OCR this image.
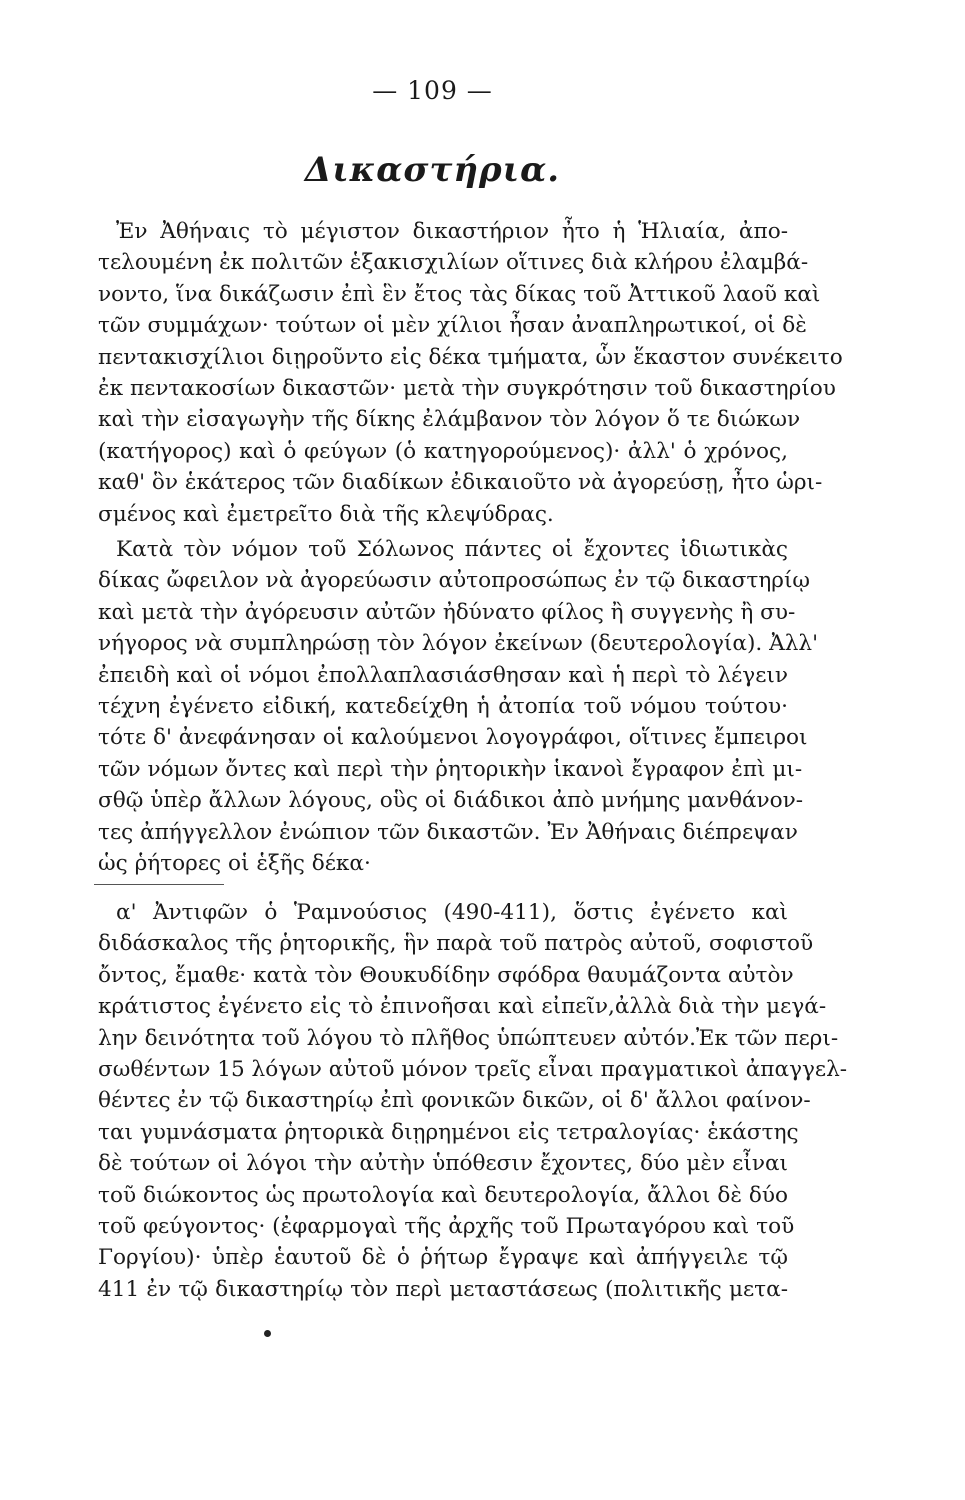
— 109 —
Δικαστήρια.
Ἐν Ἀθήναις τὸ μέγιστον δικαστήριον ἦτο ἡ Ἡλιαία, ἀπο-
τελουμένη ἐκ πολιτῶν ἑξακισχιλίων οἵτινες διὰ κλήρου ἐλαμβά-
νοντο, ἵνα δικάζωσιν ἐπὶ ἓν ἔτος τὰς δίκας τοῦ Ἀττικοῦ λαοῦ καὶ
τῶν συμμάχων· τούτων οἱ μὲν χίλιοι ἦσαν ἀναπληρωτικοί, οἱ δὲ
πεντακισχίλιοι διῃροῦντο εἰς δέκα τμήματα, ὧν ἕκαστον συνέκειτο
ἐκ πεντακοσίων δικαστῶν· μετὰ τὴν συγκρότησιν τοῦ δικαστηρίου
καὶ τὴν εἰσαγωγὴν τῆς δίκης ἐλάμβανον τὸν λόγον ὅ τε διώκων
(κατήγορος) καὶ ὁ φεύγων (ὁ κατηγορούμενος)· ἀλλ' ὁ χρόνος,
καθ' ὃν ἑκάτερος τῶν διαδίκων ἐδικαιοῦτο νὰ ἀγορεύσῃ, ἦτο ὡρι-
σμένος καὶ ἐμετρεῖτο διὰ τῆς κλεψύδρας.
Κατὰ τὸν νόμον τοῦ Σόλωνος πάντες οἱ ἔχοντες ἰδιωτικὰς
δίκας ὤφειλον νὰ ἀγορεύωσιν αὐτοπροσώπως ἐν τῷ δικαστηρίῳ
καὶ μετὰ τὴν ἀγόρευσιν αὐτῶν ἠδύνατο φίλος ἢ συγγενὴς ἢ συ-
νήγορος νὰ συμπληρώσῃ τὸν λόγον ἐκείνων (δευτερολογία). Ἀλλ'
ἐπειδὴ καὶ οἱ νόμοι ἐπολλαπλασιάσθησαν καὶ ἡ περὶ τὸ λέγειν
τέχνη ἐγένετο εἰδική, κατεδείχθη ἡ ἀτοπία τοῦ νόμου τούτου·
τότε δ' ἀνεφάνησαν οἱ καλούμενοι λογογράφοι, οἵτινες ἔμπειροι
τῶν νόμων ὄντες καὶ περὶ τὴν ῥητορικὴν ἱκανοὶ ἔγραφον ἐπὶ μι-
σθῷ ὑπὲρ ἄλλων λόγους, οὓς οἱ διάδικοι ἀπὸ μνήμης μανθάνον-
τες ἀπήγγελλον ἐνώπιον τῶν δικαστῶν. Ἐν Ἀθήναις διέπρεψαν
ὡς ῥήτορες οἱ ἑξῆς δέκα·
α' Ἀντιφῶν ὁ Ῥαμνούσιος (490-411), ὅστις ἐγένετο καὶ
διδάσκαλος τῆς ῥητορικῆς, ἣν παρὰ τοῦ πατρὸς αὐτοῦ, σοφιστοῦ
ὄντος, ἔμαθε· κατὰ τὸν Θουκυδίδην σφόδρα θαυμάζοντα αὐτὸν
κράτιστος ἐγένετο εἰς τὸ ἐπινοῆσαι καὶ εἰπεῖν,ἀλλὰ διὰ τὴν μεγά-
λην δεινότητα τοῦ λόγου τὸ πλῆθος ὑπώπτευεν αὐτόν.Ἐκ τῶν περι-
σωθέντων 15 λόγων αὐτοῦ μόνον τρεῖς εἶναι πραγματικοὶ ἀπαγγελ-
θέντες ἐν τῷ δικαστηρίῳ ἐπὶ φονικῶν δικῶν, οἱ δ' ἄλλοι φαίνον-
ται γυμνάσματα ῥητορικὰ διῃρημένοι εἰς τετραλογίας· ἑκάστης
δὲ τούτων οἱ λόγοι τὴν αὐτὴν ὑπόθεσιν ἔχοντες, δύο μὲν εἶναι
τοῦ διώκοντος ὡς πρωτολογία καὶ δευτερολογία, ἄλλοι δὲ δύο
τοῦ φεύγοντος· (ἐφαρμογαὶ τῆς ἀρχῆς τοῦ Πρωταγόρου καὶ τοῦ
Γοργίου)· ὑπὲρ ἑαυτοῦ δὲ ὁ ῥήτωρ ἔγραψε καὶ ἀπήγγειλε τῷ
411 ἐν τῷ δικαστηρίῳ τὸν περὶ μεταστάσεως (πολιτικῆς μετα-
